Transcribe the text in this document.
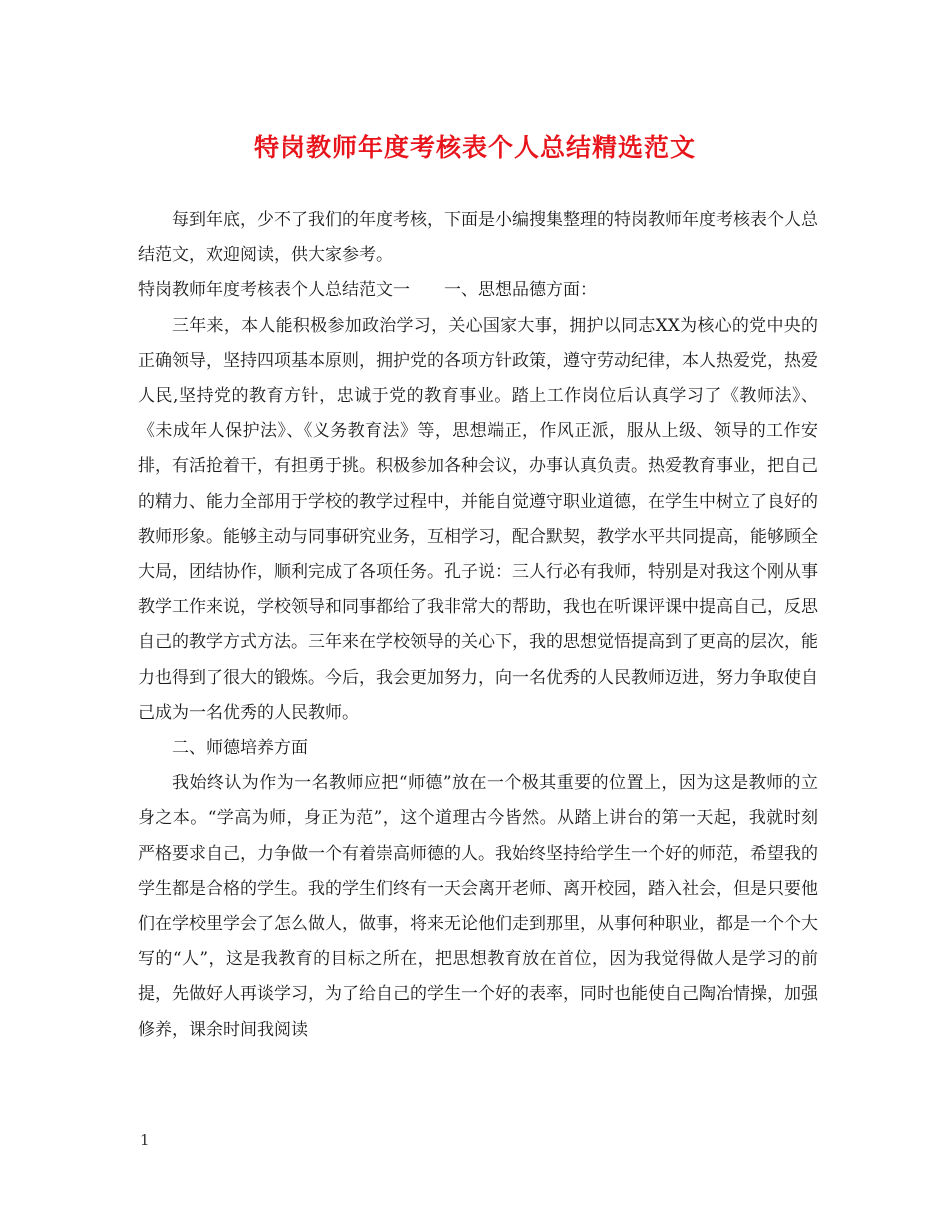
特岗教师年度考核表个人总结精选范文

每到年底，少不了我们的年度考核，下面是小编搜集整理的特岗教师年度考核表个人总结范文，欢迎阅读，供大家参考。

特岗教师年度考核表个人总结范文一　　一、思想品德方面：

三年来，本人能积极参加政治学习，关心国家大事，拥护以同志XX为核心的党中央的正确领导，坚持四项基本原则，拥护党的各项方针政策，遵守劳动纪律，本人热爱党，热爱人民,坚持党的教育方针，忠诚于党的教育事业。踏上工作岗位后认真学习了《教师法》、《未成年人保护法》、《义务教育法》等，思想端正，作风正派，服从上级、领导的工作安排，有活抢着干，有担勇于挑。积极参加各种会议，办事认真负责。热爱教育事业，把自己的精力、能力全部用于学校的教学过程中，并能自觉遵守职业道德，在学生中树立了良好的教师形象。能够主动与同事研究业务，互相学习，配合默契，教学水平共同提高，能够顾全大局，团结协作，顺利完成了各项任务。孔子说：三人行必有我师，特别是对我这个刚从事教学工作来说，学校领导和同事都给了我非常大的帮助，我也在听课评课中提高自己，反思自己的教学方式方法。三年来在学校领导的关心下，我的思想觉悟提高到了更高的层次，能力也得到了很大的锻炼。今后，我会更加努力，向一名优秀的人民教师迈进，努力争取使自己成为一名优秀的人民教师。

二、师德培养方面

我始终认为作为一名教师应把“师德”放在一个极其重要的位置上，因为这是教师的立身之本。“学高为师，身正为范”，这个道理古今皆然。从踏上讲台的第一天起，我就时刻严格要求自己，力争做一个有着崇高师德的人。我始终坚持给学生一个好的师范，希望我的学生都是合格的学生。我的学生们终有一天会离开老师、离开校园，踏入社会，但是只要他们在学校里学会了怎么做人，做事，将来无论他们走到那里，从事何种职业，都是一个个大写的“人”，这是我教育的目标之所在，把思想教育放在首位，因为我觉得做人是学习的前提，先做好人再谈学习，为了给自己的学生一个好的表率，同时也能使自己陶冶情操，加强修养，课余时间我阅读

1
